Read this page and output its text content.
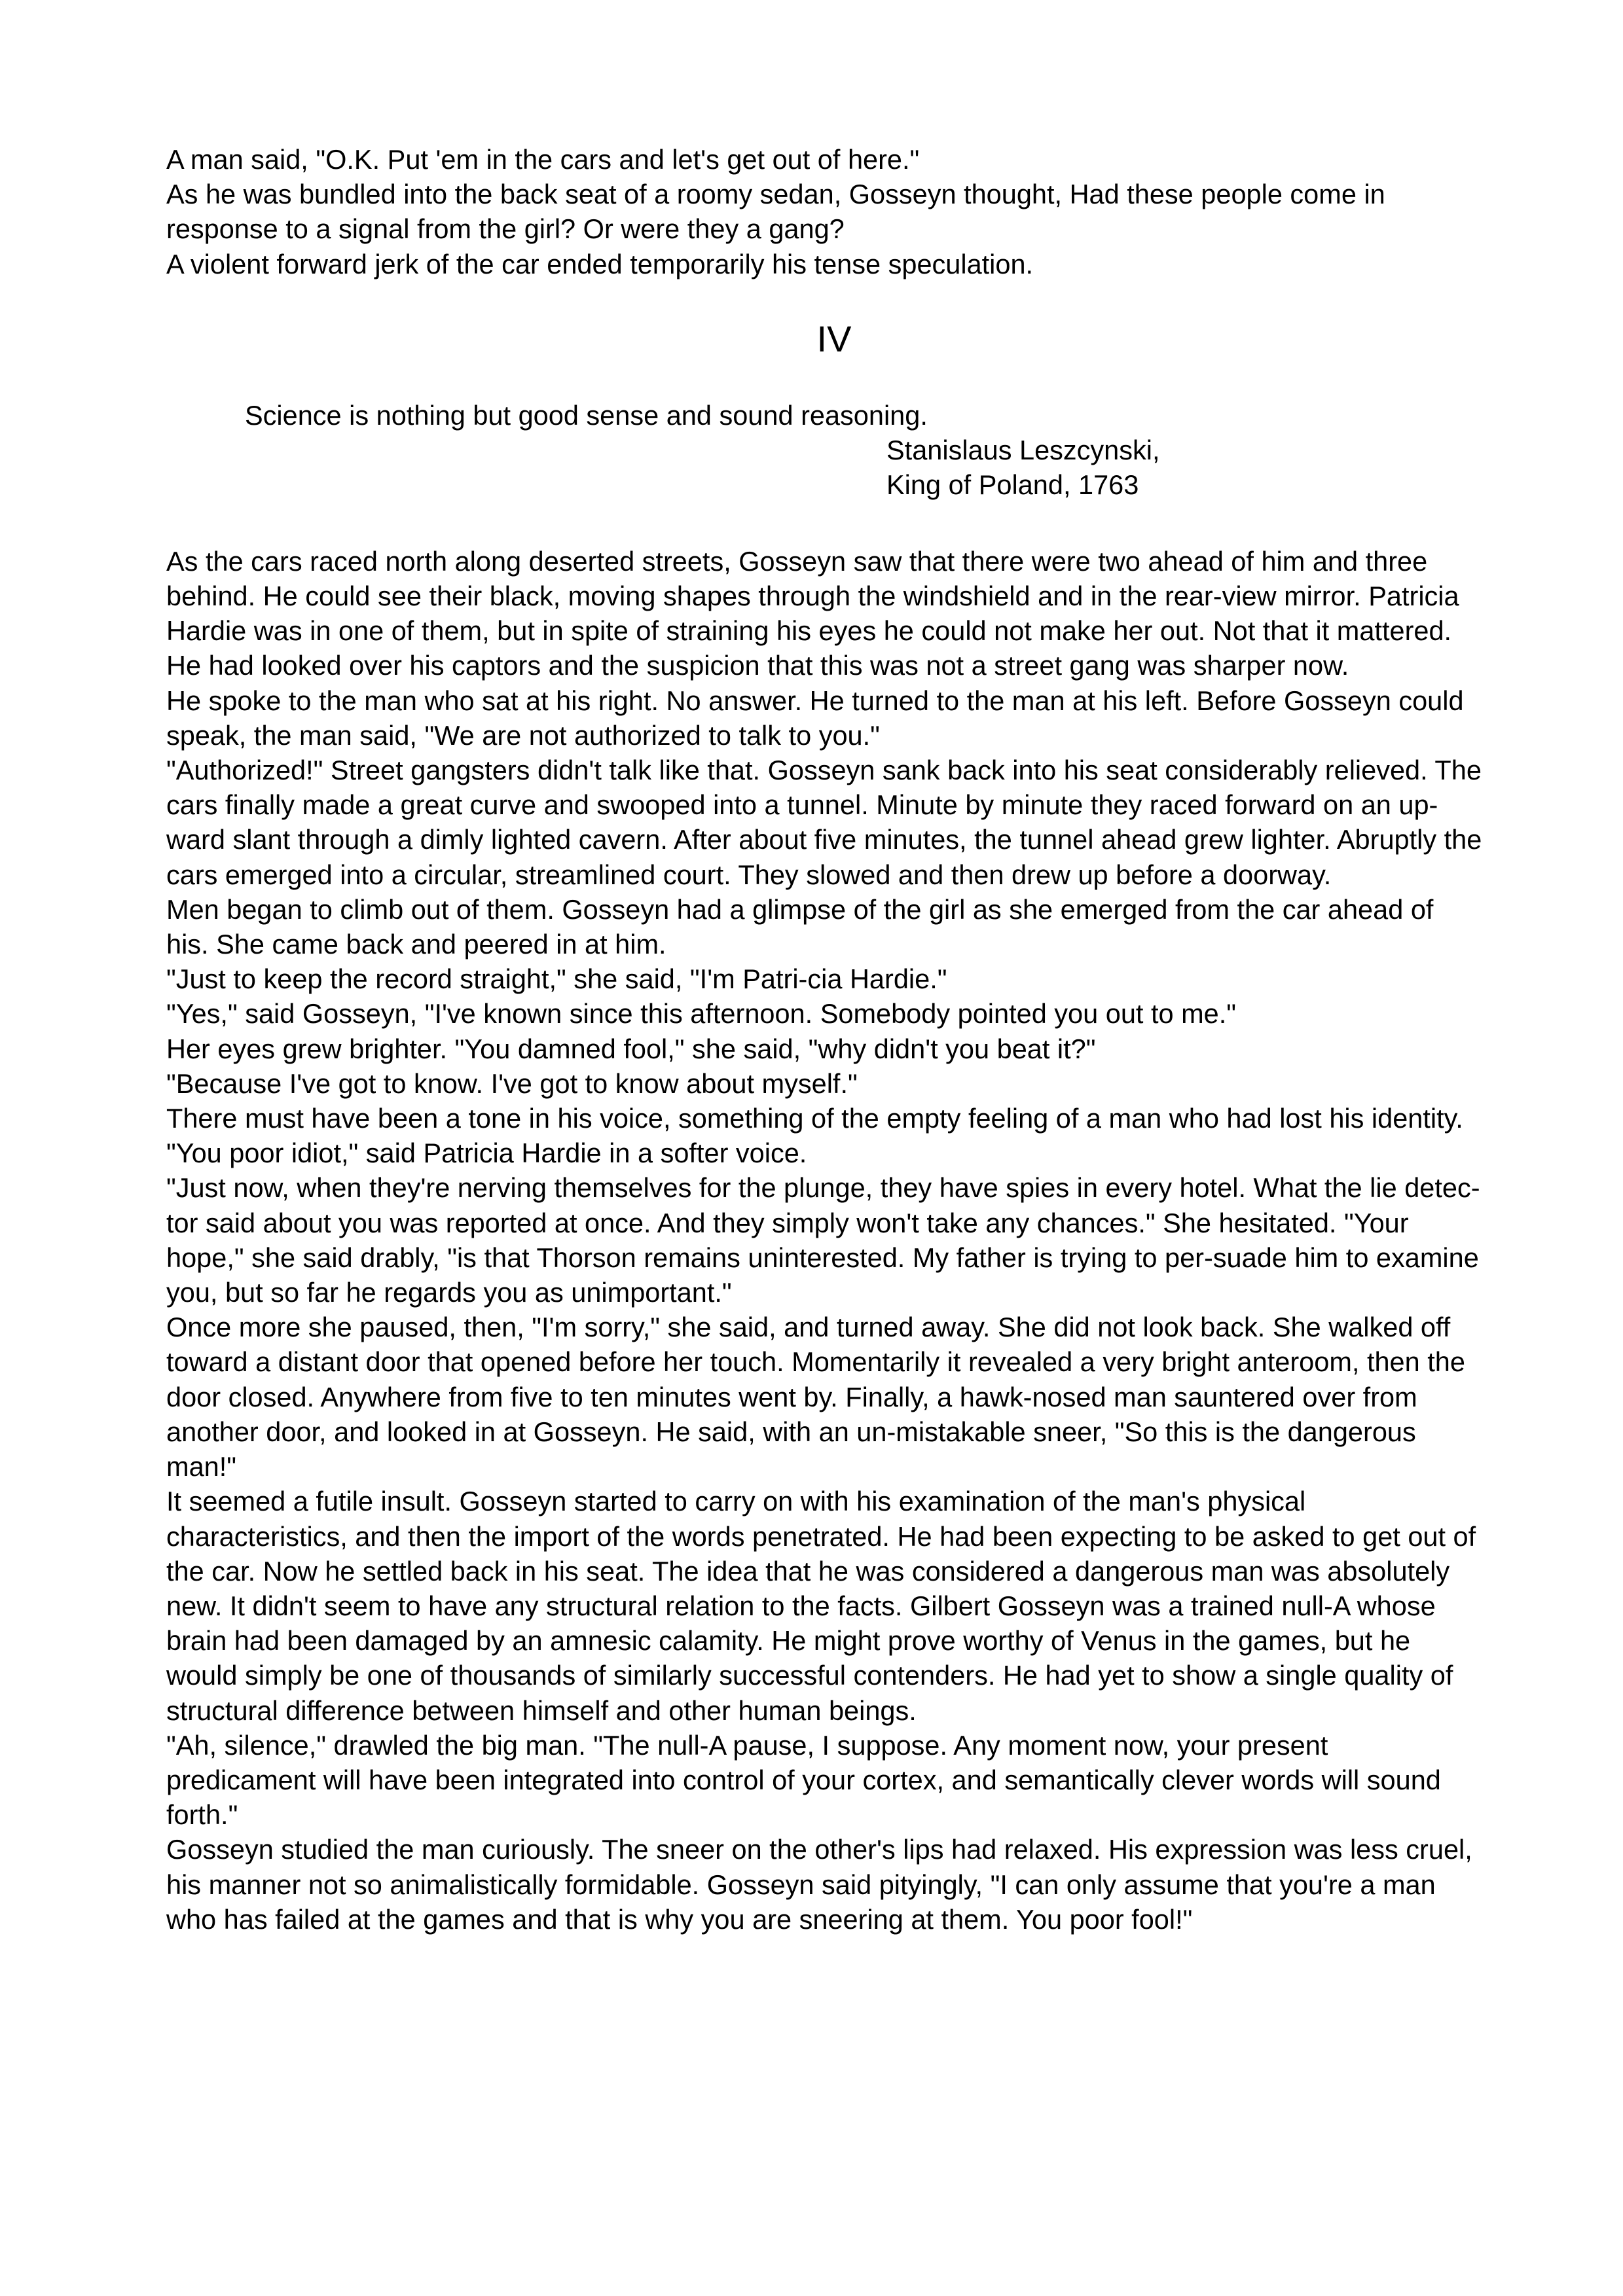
A man said, "O.K. Put 'em in the cars and let's get out of here."

As he was bundled into the back seat of a roomy sedan, Gosseyn thought, Had these people come in response to a signal from the girl? Or were they a gang?

A violent forward jerk of the car ended temporarily his tense speculation.

IV
Science is nothing but good sense and sound reasoning.
Stanislaus Leszcynski,
King of Poland, 1763

As the cars raced north along deserted streets, Gosseyn saw that there were two ahead of him and three behind. He could see their black, moving shapes through the windshield and in the rear-view mirror. Patricia Hardie was in one of them, but in spite of straining his eyes he could not make her out. Not that it mattered. He had looked over his captors and the suspicion that this was not a street gang was sharper now.

He spoke to the man who sat at his right. No answer. He turned to the man at his left. Before Gosseyn could speak, the man said, "We are not authorized to talk to you."

"Authorized!" Street gangsters didn't talk like that. Gosseyn sank back into his seat considerably relieved. The cars finally made a great curve and swooped into a tunnel. Minute by minute they raced forward on an up-ward slant through a dimly lighted cavern. After about five minutes, the tunnel ahead grew lighter. Abruptly the cars emerged into a circular, streamlined court. They slowed and then drew up before a doorway.

Men began to climb out of them. Gosseyn had a glimpse of the girl as she emerged from the car ahead of his. She came back and peered in at him.

"Just to keep the record straight," she said, "I'm Patri-cia Hardie."

"Yes," said Gosseyn, "I've known since this afternoon. Somebody pointed you out to me."

Her eyes grew brighter. "You damned fool," she said, "why didn't you beat it?"

"Because I've got to know. I've got to know about myself."

There must have been a tone in his voice, something of the empty feeling of a man who had lost his identity.

"You poor idiot," said Patricia Hardie in a softer voice.

"Just now, when they're nerving themselves for the plunge, they have spies in every hotel. What the lie detec-tor said about you was reported at once. And they simply won't take any chances." She hesitated. "Your hope," she said drably, "is that Thorson remains uninterested. My father is trying to per-suade him to examine you, but so far he regards you as unimportant."

Once more she paused, then, "I'm sorry," she said, and turned away. She did not look back. She walked off toward a distant door that opened before her touch. Momentarily it revealed a very bright anteroom, then the door closed. Anywhere from five to ten minutes went by. Finally, a hawk-nosed man sauntered over from another door, and looked in at Gosseyn. He said, with an un-mistakable sneer, "So this is the dangerous man!"

It seemed a futile insult. Gosseyn started to carry on with his examination of the man's physical characteristics, and then the import of the words penetrated. He had been expecting to be asked to get out of the car. Now he settled back in his seat. The idea that he was considered a dangerous man was absolutely new. It didn't seem to have any structural relation to the facts. Gilbert Gosseyn was a trained null-A whose brain had been damaged by an amnesic calamity. He might prove worthy of Venus in the games, but he would simply be one of thousands of similarly successful contenders. He had yet to show a single quality of structural difference between himself and other human beings.

"Ah, silence," drawled the big man. "The null-A pause, I suppose. Any moment now, your present predicament will have been integrated into control of your cortex, and semantically clever words will sound forth."

Gosseyn studied the man curiously. The sneer on the other's lips had relaxed. His expression was less cruel, his manner not so animalistically formidable. Gosseyn said pityingly, "I can only assume that you're a man who has failed at the games and that is why you are sneering at them. You poor fool!"
